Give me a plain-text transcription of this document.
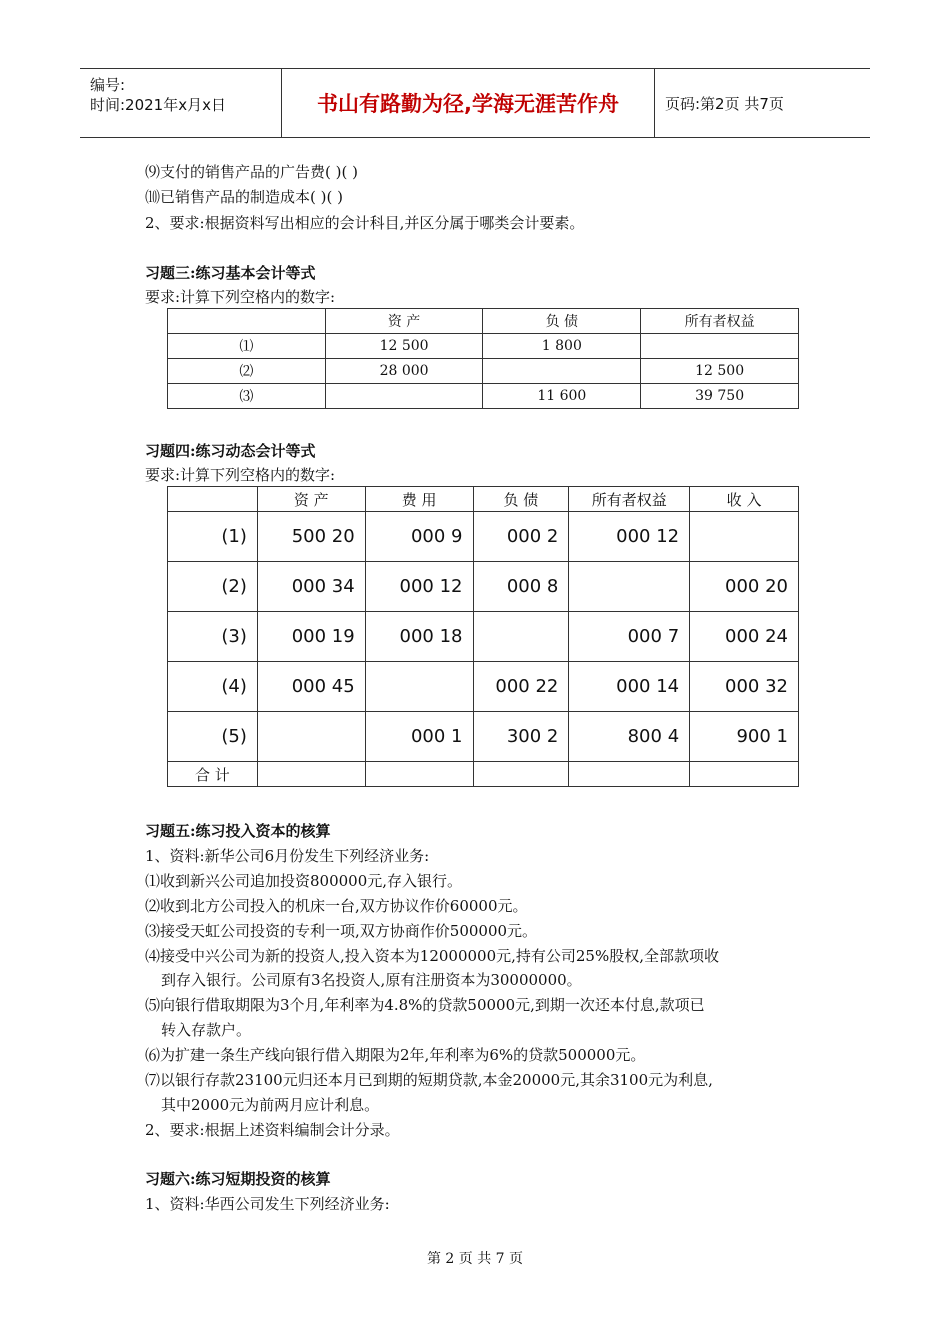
编号:
时间:2021年x月x日	书山有路勤为径,学海无涯苦作舟	页码:第2页 共7页
⑼支付的销售产品的广告费( )( )
⑽已销售产品的制造成本( )( )
2、要求:根据资料写出相应的会计科目,并区分属于哪类会计要素。
习题三:练习基本会计等式
要求:计算下列空格内的数字:
	资 产	负 债	所有者权益
⑴	12 500	1 800	
⑵	28 000		12 500
⑶		11 600	39 750
习题四:练习动态会计等式
要求:计算下列空格内的数字:
	资 产	费 用	负 债	所有者权益	收 入
(1)	500 20	000 9	000 2	000 12	
(2)	000 34	000 12	000 8		000 20
(3)	000 19	000 18		000 7	000 24
(4)	000 45		000 22	000 14	000 32
(5)		000 1	300 2	800 4	900 1
合 计					
习题五:练习投入资本的核算
1、资料:新华公司6月份发生下列经济业务:
⑴收到新兴公司追加投资800000元,存入银行。
⑵收到北方公司投入的机床一台,双方协议作价60000元。
⑶接受天虹公司投资的专利一项,双方协商作价500000元。
⑷接受中兴公司为新的投资人,投入资本为12000000元,持有公司25%股权,全部款项收
到存入银行。公司原有3名投资人,原有注册资本为30000000。
⑸向银行借取期限为3个月,年利率为4.8%的贷款50000元,到期一次还本付息,款项已
转入存款户。
⑹为扩建一条生产线向银行借入期限为2年,年利率为6%的贷款500000元。
⑺以银行存款23100元归还本月已到期的短期贷款,本金20000元,其余3100元为利息,
其中2000元为前两月应计利息。
2、要求:根据上述资料编制会计分录。
习题六:练习短期投资的核算
1、资料:华西公司发生下列经济业务:
第 2 页 共 7 页
